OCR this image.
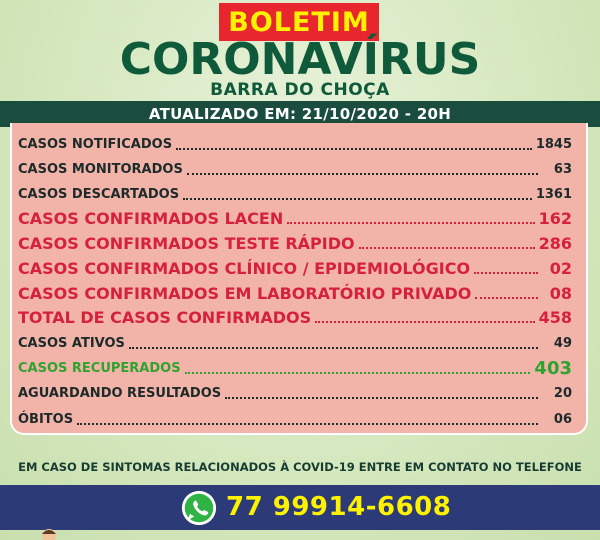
BOLETIM
CORONAVÍRUS
BARRA DO CHOÇA
ATUALIZADO EM: 21/10/2020 - 20H
CASOS NOTIFICADOS	1845
CASOS MONITORADOS	63
CASOS DESCARTADOS	1361
CASOS CONFIRMADOS LACEN	162
CASOS CONFIRMADOS TESTE RÁPIDO	286
CASOS CONFIRMADOS CLÍNICO / EPIDEMIOLÓGICO	02
CASOS CONFIRMADOS EM LABORATÓRIO PRIVADO	08
TOTAL DE CASOS CONFIRMADOS	458
CASOS ATIVOS	49
CASOS RECUPERADOS	403
AGUARDANDO RESULTADOS	20
ÓBITOS	06
EM CASO DE SINTOMAS RELACIONADOS À COVID-19 ENTRE EM CONTATO NO TELEFONE
77 99914-6608
